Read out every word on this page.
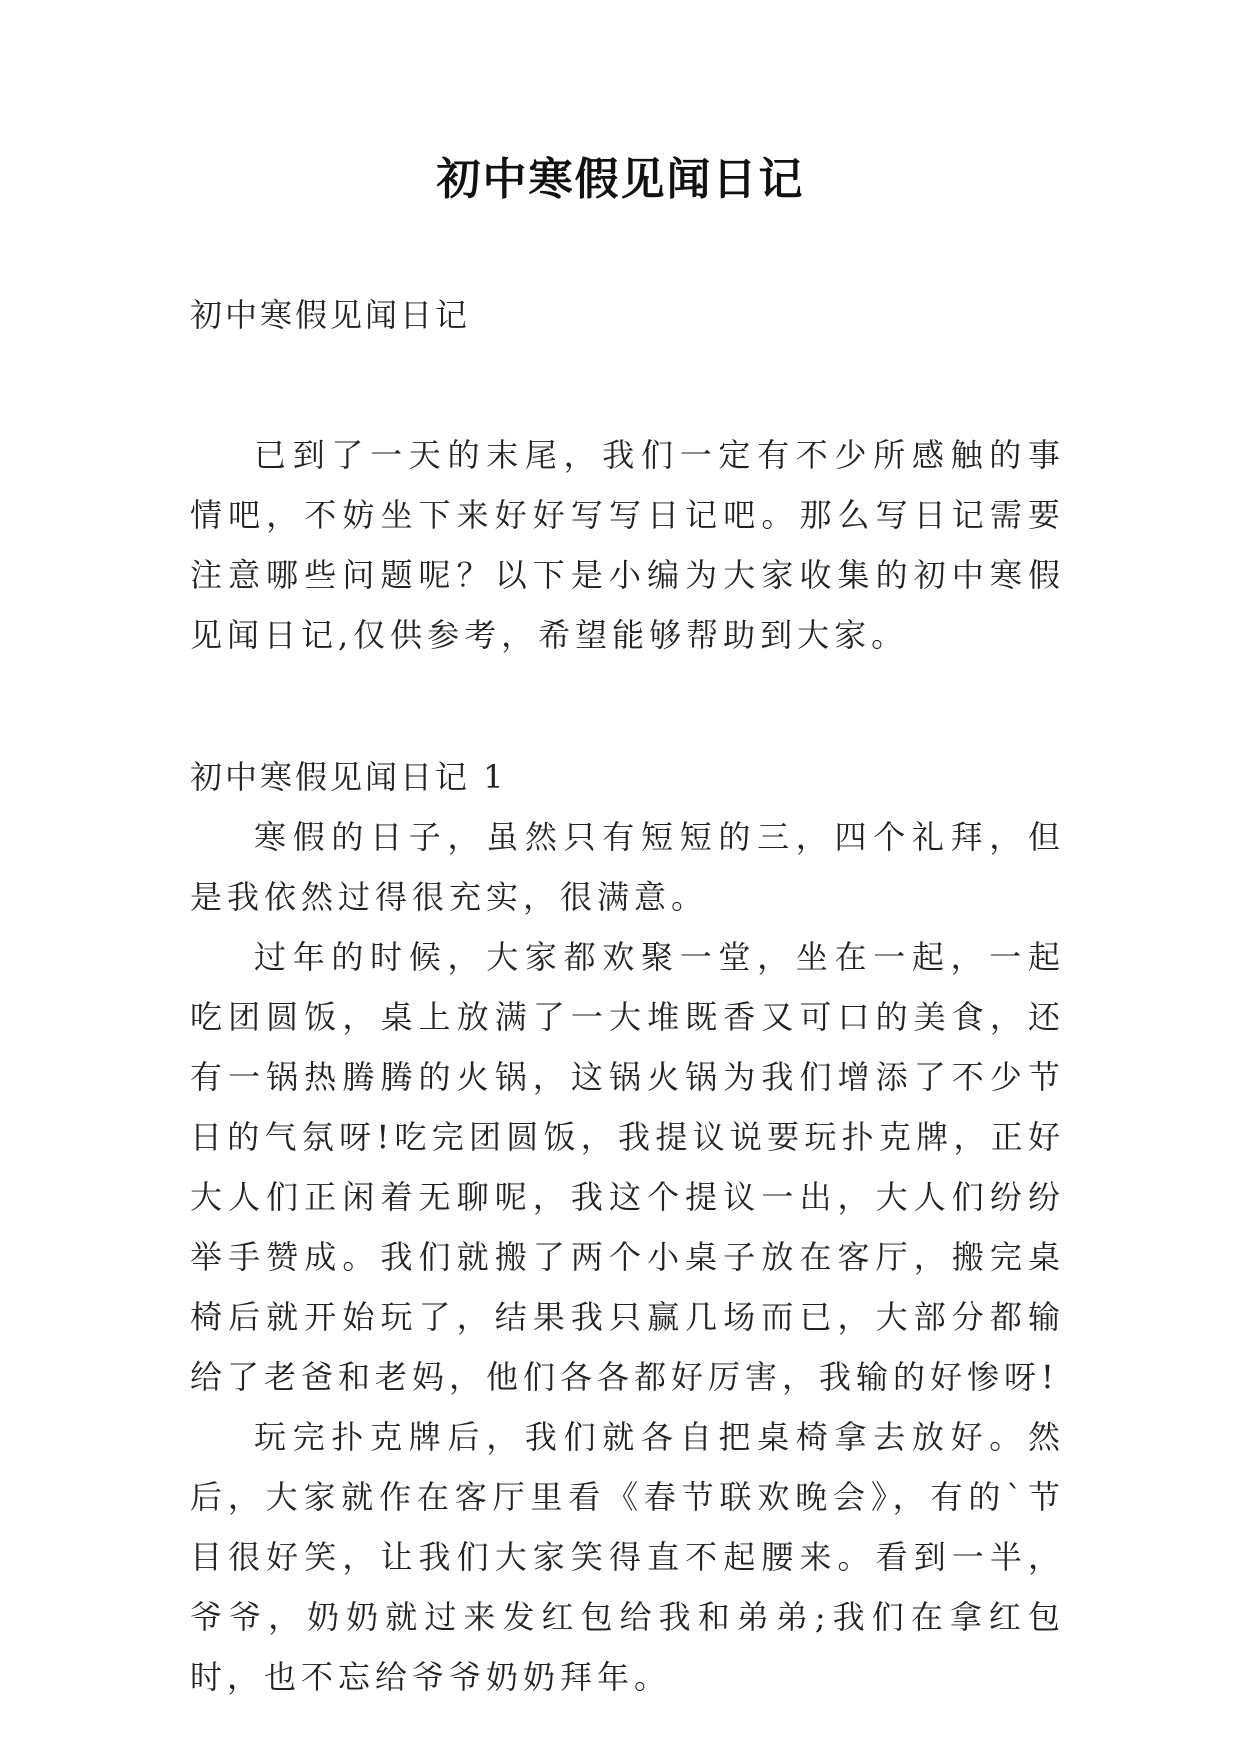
初中寒假见闻日记

初中寒假见闻日记

已到了一天的末尾，我们一定有不少所感触的事情吧，不妨坐下来好好写写日记吧。那么写日记需要注意哪些问题呢？以下是小编为大家收集的初中寒假见闻日记,仅供参考，希望能够帮助到大家。

初中寒假见闻日记 1

寒假的日子，虽然只有短短的三，四个礼拜，但是我依然过得很充实，很满意。

过年的时候，大家都欢聚一堂，坐在一起，一起吃团圆饭，桌上放满了一大堆既香又可口的美食，还有一锅热腾腾的火锅，这锅火锅为我们增添了不少节日的气氛呀!吃完团圆饭，我提议说要玩扑克牌，正好大人们正闲着无聊呢，我这个提议一出，大人们纷纷举手赞成。我们就搬了两个小桌子放在客厅，搬完桌椅后就开始玩了，结果我只赢几场而已，大部分都输给了老爸和老妈，他们各各都好厉害，我输的好惨呀!

玩完扑克牌后，我们就各自把桌椅拿去放好。然后，大家就作在客厅里看《春节联欢晚会》，有的`节目很好笑，让我们大家笑得直不起腰来。看到一半，爷爷，奶奶就过来发红包给我和弟弟;我们在拿红包时，也不忘给爷爷奶奶拜年。
